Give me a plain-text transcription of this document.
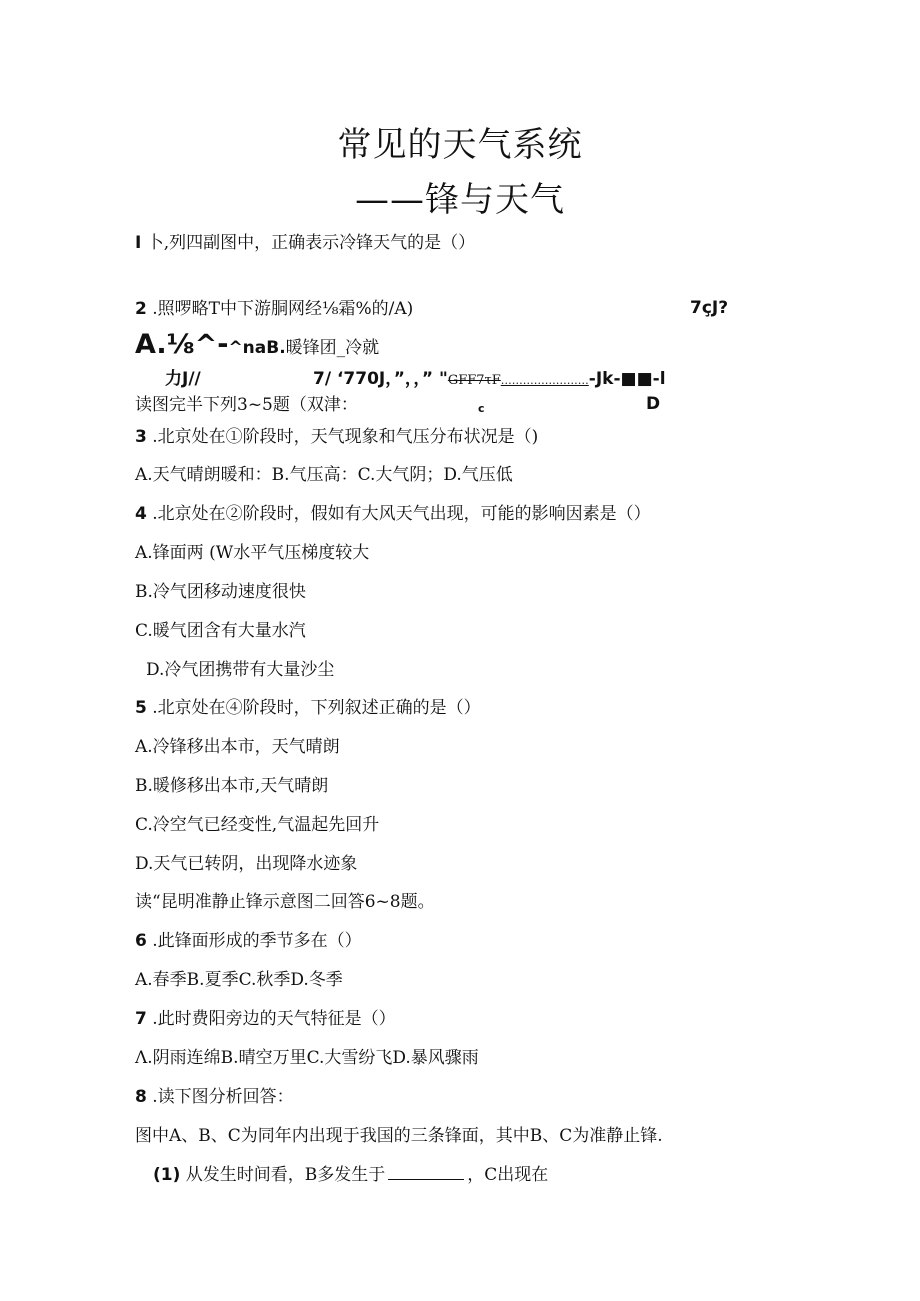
常见的天气系统
——锋与天气
I 卜,列四副图中，正确表示冷锋天气的是（）
2 .照啰略T中下游胴网经⅛霜%的/A)	7çJ?
A.⅛^-^naB.暖锋团_冷就
力J//	7/ ‘770J，”，，” "GFF7τF……………………-Jk-■■-l
读图完半下列3~5题（双津：	c	D
3 .北京处在①阶段时，天气现象和气压分布状况是（)
A.天气晴朗暖和：B.气压高：C.大气阴；D.气压低
4 .北京处在②阶段时，假如有大风天气出现，可能的影响因素是（）
A.锋面两 (W水平气压梯度较大
B.冷气团移动速度很快
C.暖气团含有大量水汽
D.冷气团携带有大量沙尘
5 .北京处在④阶段时，下列叙述正确的是（）
A.冷锋移出本市，天气晴朗
B.暖修移出本市,天气晴朗
C.冷空气已经变性,气温起先回升
D.天气已转阴，出现降水迹象
读“昆明准静止锋示意图二回答6~8题。
6 .此锋面形成的季节多在（）
A.春季B.夏季C.秋季D.冬季
7 .此时费阳旁边的天气特征是（）
Λ.阴雨连绵B.晴空万里C.大雪纷飞D.暴风骤雨
8 .读下图分析回答：
图中A、B、C为同年内出现于我国的三条锋面，其中B、C为准静止锋.
(1) 从发生时间看，B多发生于	，C出现在
